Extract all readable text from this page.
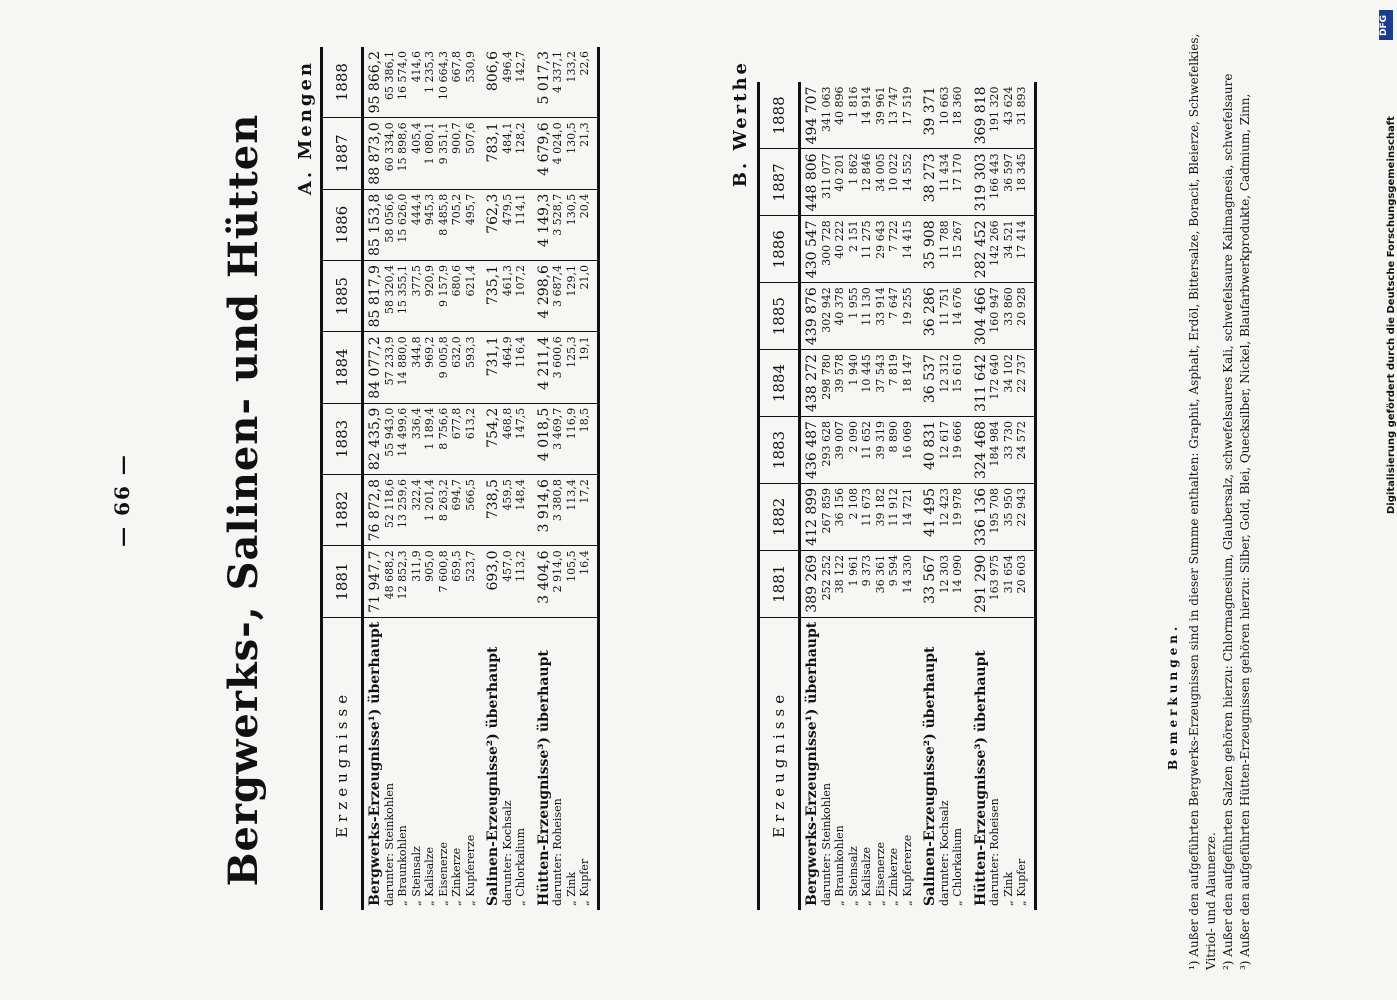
— 66 — Bergwerks-, Salinen- und Hütten A. Mengen
Erzeugnisse	1881	1882	1883	1884	1885	1886	1887	1888
Bergwerks-Erzeugnisse¹) überhaupt	71 947,7	76 872,8	82 435,9	84 077,2	85 817,9	85 153,8	88 873,0	95 866,2
darunter: Steinkohlen	48 688,2	52 118,6	55 943,0	57 233,9	58 320,4	58 056,6	60 334,0	65 386,1
„ Braunkohlen	12 852,3	13 259,6	14 499,6	14 880,0	15 355,1	15 626,0	15 898,6	16 574,0
„ Steinsalz	311,9	322,4	336,4	344,8	377,5	444,4	405,4	414,6
„ Kalisalze	905,0	1 201,4	1 189,4	969,2	920,9	945,3	1 080,1	1 235,3
„ Eisenerze	7 600,8	8 263,2	8 756,6	9 005,8	9 157,9	8 485,8	9 351,1	10 664,3
„ Zinkerze	659,5	694,7	677,8	632,0	680,6	705,2	900,7	667,8
„ Kupfererze	523,7	566,5	613,2	593,3	621,4	495,7	507,6	530,9
Salinen-Erzeugnisse²) überhaupt	693,0	738,5	754,2	731,1	735,1	762,3	783,1	806,6
darunter: Kochsalz	457,0	459,5	468,8	464,9	461,3	479,5	484,1	496,4
„ Chlorkalium	113,2	148,4	147,5	116,4	107,2	114,1	128,2	142,7
Hütten-Erzeugnisse³) überhaupt	3 404,6	3 914,6	4 018,5	4 211,4	4 298,6	4 149,3	4 679,6	5 017,3
darunter: Roheisen	2 914,0	3 380,8	3 469,7	3 600,6	3 687,4	3 528,7	4 024,0	4 337,1
„ Zink	105,5	113,4	116,9	125,3	129,1	130,5	130,5	133,2
„ Kupfer	16,4	17,2	18,5	19,1	21,0	20,4	21,3	22,6	B. Werthe
Erzeugnisse	1881	1882	1883	1884	1885	1886	1887	1888
Bergwerks-Erzeugnisse¹) überhaupt	389 269	412 899	436 487	438 272	439 876	430 547	448 806	494 707
darunter: Steinkohlen	252 252	267 859	293 628	298 780	302 942	300 728	311 077	341 063
„ Braunkohlen	38 122	36 156	39 007	39 578	40 378	40 222	40 201	40 896
„ Steinsalz	1 961	2 108	2 090	1 940	1 955	2 151	1 862	1 816
„ Kalisalze	9 373	11 673	11 652	10 445	11 130	11 275	12 846	14 914
„ Eisenerze	36 361	39 182	39 319	37 543	33 914	29 643	34 005	39 961
„ Zinkerze	9 594	11 912	8 890	7 819	7 647	7 722	10 022	13 747
„ Kupfererze	14 330	14 721	16 069	18 147	19 255	14 415	14 552	17 519
Salinen-Erzeugnisse²) überhaupt	33 567	41 495	40 831	36 537	36 286	35 908	38 273	39 371
darunter: Kochsalz	12 303	12 423	12 617	12 312	11 751	11 788	11 434	10 663
„ Chlorkalium	14 090	19 978	19 666	15 610	14 676	15 267	17 170	18 360
Hütten-Erzeugnisse³) überhaupt	291 290	336 136	324 468	311 642	304 466	282 452	319 303	369 818
darunter: Roheisen	163 975	195 708	184 984	172 640	160 947	142 266	166 443	191 320
„ Zink	31 654	35 950	33 730	34 102	33 860	34 521	36 597	43 624
„ Kupfer	20 603	22 943	24 572	22 737	20 928	17 414	18 345	31 893
Bemerkungen. ¹) Außer den aufgeführten Bergwerks-Erzeugnissen sind in dieser Summe enthalten: Graphit, Asphalt, Erdöl, Bittersalze, Boracit, Bleierze, Schwefelkies, Vitriol- und Alaunerze. ²) Außer den aufgeführten Salzen gehören hierzu: Chlormagnesium, Glaubersalz, schwefelsaures Kali, schwefelsaure Kalimagnesia, schwefelsaure ³) Außer den aufgeführten Hütten-Erzeugnissen gehören hierzu: Silber, Gold, Blei, Quecksilber, Nickel, Blaufarbwerkprodukte, Cadmium, Zinn,

DFG
Digitalisierung gefördert durch die Deutsche Forschungsgemeinschaft
